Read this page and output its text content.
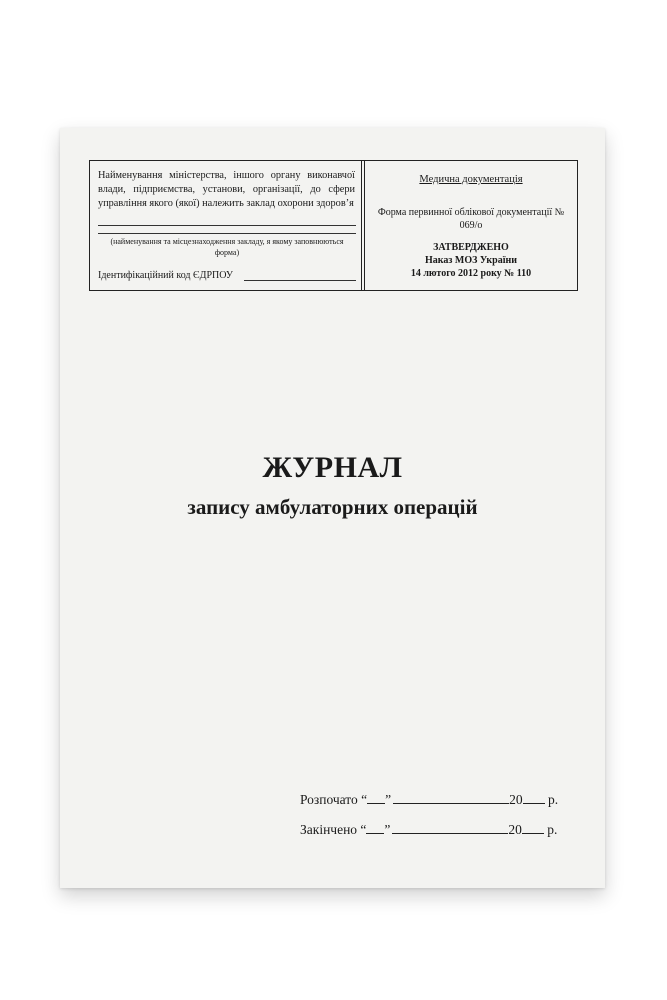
Найменування міністерства, іншого органу виконавчої влади, підприємства, установи, організації, до сфери управління якого (якої) належить заклад охорони здоров’я
(найменування та місцезнаходження закладу, я якому заповнюються форма)
Ідентифікаційний код ЄДРПОУ
Медична документація
Форма первинної облікової документації № 069/о
ЗАТВЕРДЖЕНО
Наказ МОЗ України
14 лютого 2012 року № 110
ЖУРНАЛ
запису амбулаторних операцій
Розпочато “ ”	20 р.
Закінчено “ ”	20 р.
